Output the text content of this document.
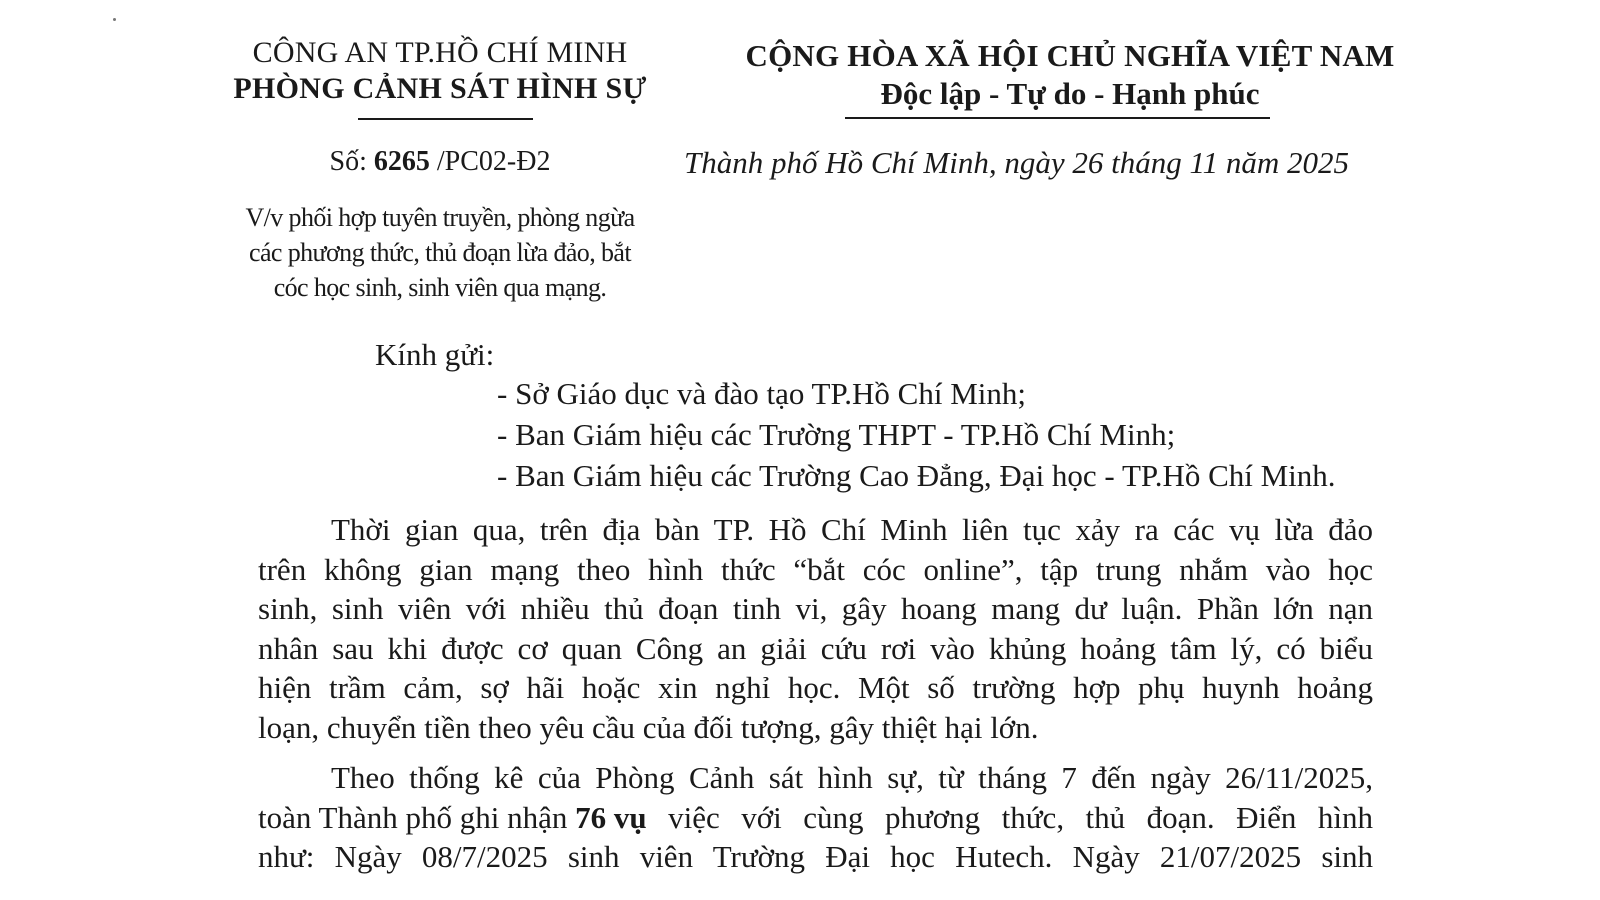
CÔNG AN TP.HỒ CHÍ MINH
PHÒNG CẢNH SÁT HÌNH SỰ
CỘNG HÒA XÃ HỘI CHỦ NGHĨA VIỆT NAM
Độc lập - Tự do - Hạnh phúc
Số: 6265 /PC02-Đ2	Thành phố Hồ Chí Minh, ngày 26 tháng 11 năm 2025
V/v phối hợp tuyên truyền, phòng ngừa
các phương thức, thủ đoạn lừa đảo, bắt
cóc học sinh, sinh viên qua mạng.
Kính gửi:
- Sở Giáo dục và đào tạo TP.Hồ Chí Minh;
- Ban Giám hiệu các Trường THPT - TP.Hồ Chí Minh;
- Ban Giám hiệu các Trường Cao Đẳng, Đại học - TP.Hồ Chí Minh.
Thời gian qua, trên địa bàn TP. Hồ Chí Minh liên tục xảy ra các vụ lừa đảo
trên không gian mạng theo hình thức “bắt cóc online”, tập trung nhắm vào học
sinh, sinh viên với nhiều thủ đoạn tinh vi, gây hoang mang dư luận. Phần lớn nạn
nhân sau khi được cơ quan Công an giải cứu rơi vào khủng hoảng tâm lý, có biểu
hiện trầm cảm, sợ hãi hoặc xin nghỉ học. Một số trường hợp phụ huynh hoảng
loạn, chuyển tiền theo yêu cầu của đối tượng, gây thiệt hại lớn.
Theo thống kê của Phòng Cảnh sát hình sự, từ tháng 7 đến ngày 26/11/2025,
toàn Thành phố ghi nhận 76 vụ việc với cùng phương thức, thủ đoạn. Điển hình
như: Ngày 08/7/2025 sinh viên Trường Đại học Hutech. Ngày 21/07/2025 sinh
